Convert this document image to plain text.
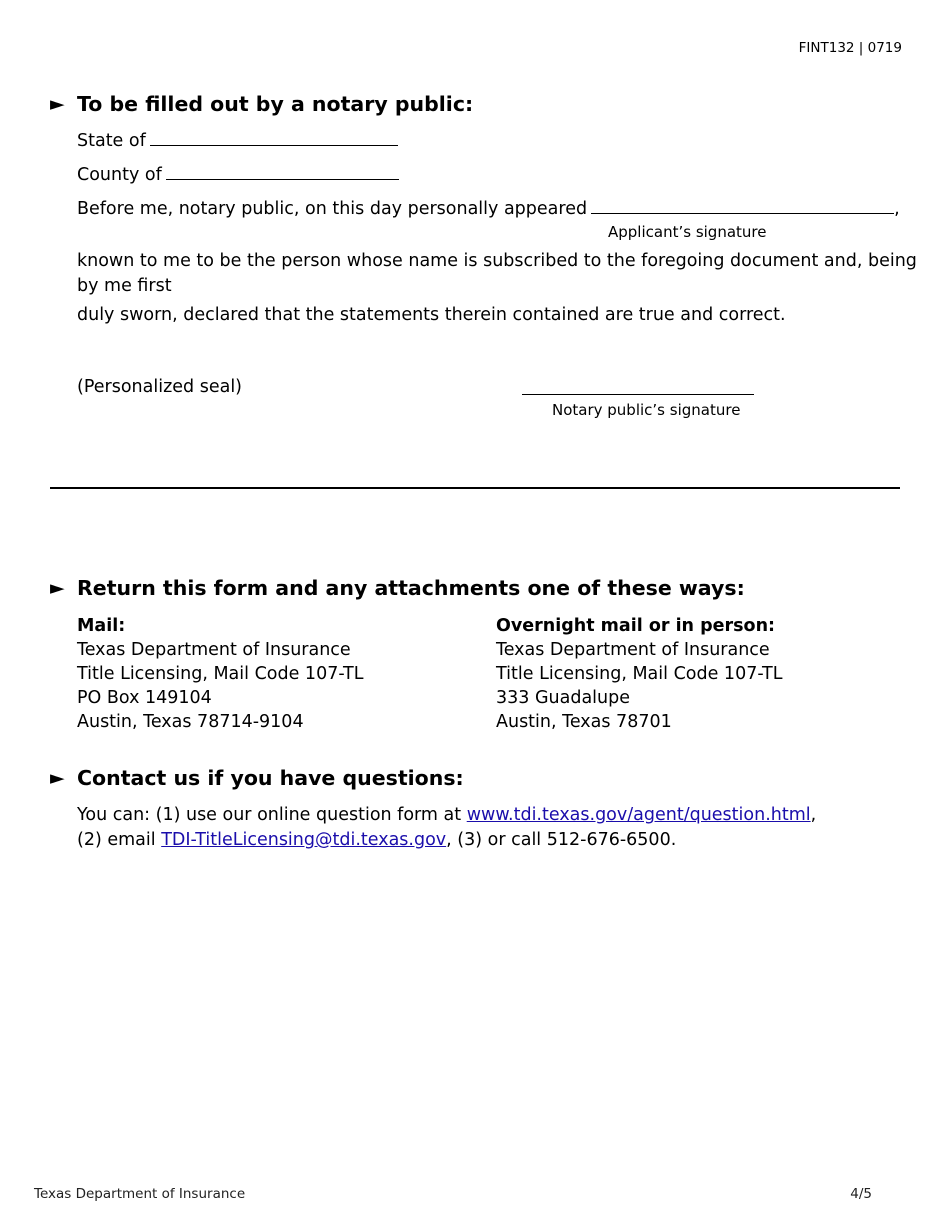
FINT132 | 0719
► To be filled out by a notary public:
State of
County of
Before me, notary public, on this day personally appeared	,
Applicant’s signature
known to me to be the person whose name is subscribed to the foregoing document and, being
by me first
duly sworn, declared that the statements therein contained are true and correct.
(Personalized seal)
Notary public’s signature
► Return this form and any attachments one of these ways:
Mail:
Texas Department of Insurance
Title Licensing, Mail Code 107-TL
PO Box 149104
Austin, Texas 78714-9104
Overnight mail or in person:
Texas Department of Insurance
Title Licensing, Mail Code 107-TL
333 Guadalupe
Austin, Texas 78701
► Contact us if you have questions:
You can: (1) use our online question form at www.tdi.texas.gov/agent/question.html,
(2) email TDI-TitleLicensing@tdi.texas.gov, (3) or call 512-676-6500.
Texas Department of Insurance	4/5
